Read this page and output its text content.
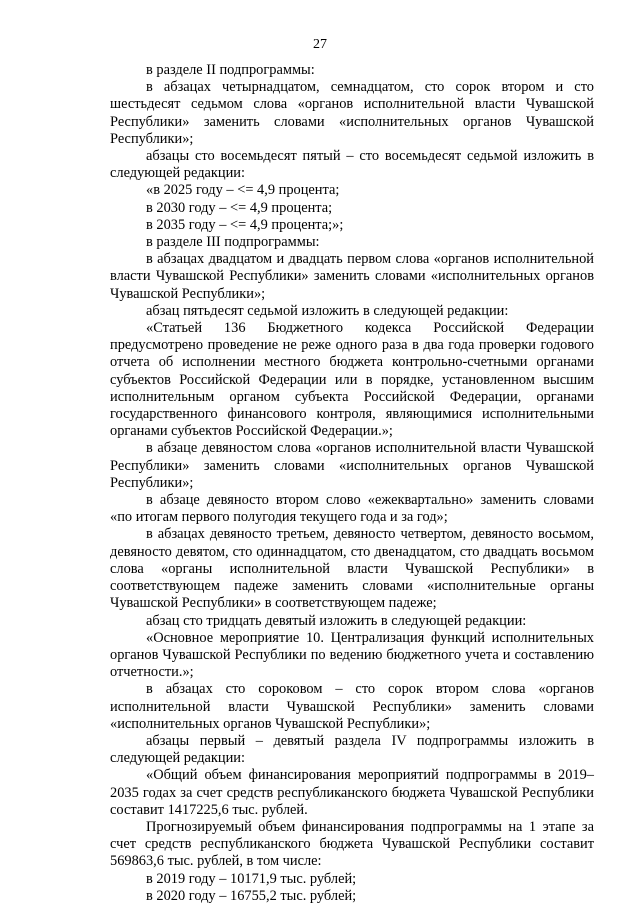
27

в разделе II подпрограммы:

в абзацах четырнадцатом, семнадцатом, сто сорок втором и сто шестьдесят седьмом слова «органов исполнительной власти Чувашской Республики» заменить словами «исполнительных органов Чувашской Республики»;

абзацы сто восемьдесят пятый – сто восемьдесят седьмой изложить в следующей редакции:

«в 2025 году – <= 4,9 процента;

в 2030 году – <= 4,9 процента;

в 2035 году – <= 4,9 процента;»;

в разделе III подпрограммы:

в абзацах двадцатом и двадцать первом слова «органов исполнительной власти Чувашской Республики» заменить словами «исполнительных органов Чувашской Республики»;

абзац пятьдесят седьмой изложить в следующей редакции:

«Статьей 136 Бюджетного кодекса Российской Федерации предусмотрено проведение не реже одного раза в два года проверки годового отчета об исполнении местного бюджета контрольно-счетными органами субъектов Российской Федерации или в порядке, установленном высшим исполнительным органом субъекта Российской Федерации, органами государственного финансового контроля, являющимися исполнительными органами субъектов Российской Федерации.»;

в абзаце девяностом слова «органов исполнительной власти Чувашской Республики» заменить словами «исполнительных органов Чувашской Республики»;

в абзаце девяносто втором слово «ежеквартально» заменить словами «по итогам первого полугодия текущего года и за год»;

в абзацах девяносто третьем, девяносто четвертом, девяносто восьмом, девяносто девятом, сто одиннадцатом, сто двенадцатом, сто двадцать восьмом слова «органы исполнительной власти Чувашской Республики» в соответствующем падеже заменить словами «исполнительные органы Чувашской Республики» в соответствующем падеже;

абзац сто тридцать девятый изложить в следующей редакции:

«Основное мероприятие 10. Централизация функций исполнительных органов Чувашской Республики по ведению бюджетного учета и составлению отчетности.»;

в абзацах сто сороковом – сто сорок втором слова «органов исполнительной власти Чувашской Республики» заменить словами «исполнительных органов Чувашской Республики»;

абзацы первый – девятый раздела IV подпрограммы изложить в следующей редакции:

«Общий объем финансирования мероприятий подпрограммы в 2019–2035 годах за счет средств республиканского бюджета Чувашской Республики составит 1417225,6 тыс. рублей.

Прогнозируемый объем финансирования подпрограммы на 1 этапе за счет средств республиканского бюджета Чувашской Республики составит 569863,6 тыс. рублей, в том числе:

в 2019 году – 10171,9 тыс. рублей;

в 2020 году – 16755,2 тыс. рублей;
